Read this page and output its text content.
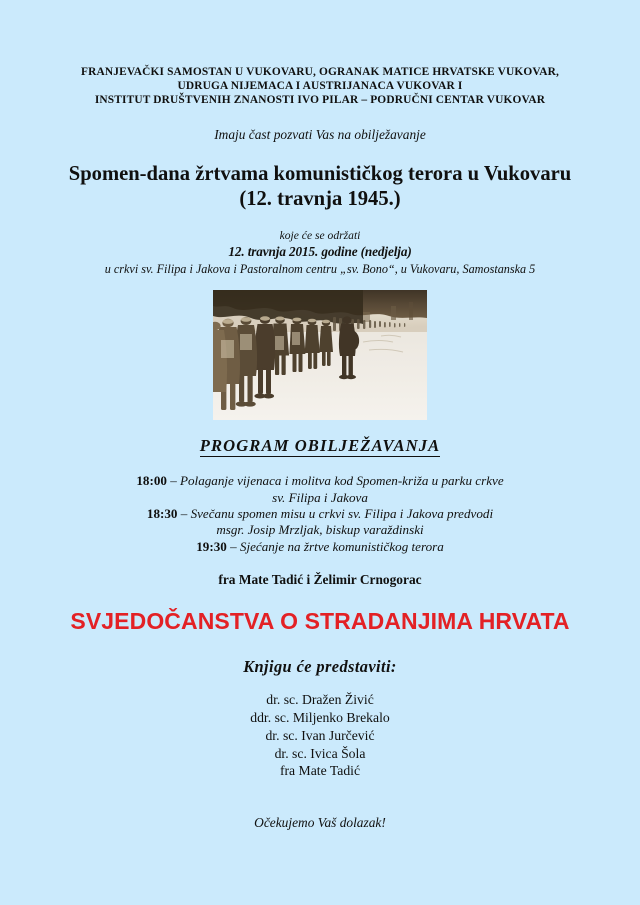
FRANJEVAČKI SAMOSTAN U VUKOVARU, OGRANAK MATICE HRVATSKE VUKOVAR,
UDRUGA NIJEMACA I AUSTRIJANACA VUKOVAR I
INSTITUT DRUŠTVENIH ZNANOSTI IVO PILAR – PODRUČNI CENTAR VUKOVAR
Imaju čast pozvati Vas na obilježavanje
Spomen-dana žrtvama komunističkog terora u Vukovaru
(12. travnja 1945.)
koje će se održati
12. travnja 2015. godine (nedjelja)
u crkvi sv. Filipa i Jakova i Pastoralnom centru „sv. Bono“, u Vukovaru, Samostanska 5
PROGRAM OBILJEŽAVANJA
18:00 – Polaganje vijenaca i molitva kod Spomen-križa u parku crkve
sv. Filipa i Jakova
18:30 – Svečanu spomen misu u crkvi sv. Filipa i Jakova predvodi
msgr. Josip Mrzljak, biskup varaždinski
19:30 – Sjećanje na žrtve komunističkog terora
fra Mate Tadić i Želimir Crnogorac
SVJEDOČANSTVA O STRADANJIMA HRVATA
Knjigu će predstaviti:
dr. sc. Dražen Živić
ddr. sc. Miljenko Brekalo
dr. sc. Ivan Jurčević
dr. sc. Ivica Šola
fra Mate Tadić
Očekujemo Vaš dolazak!
